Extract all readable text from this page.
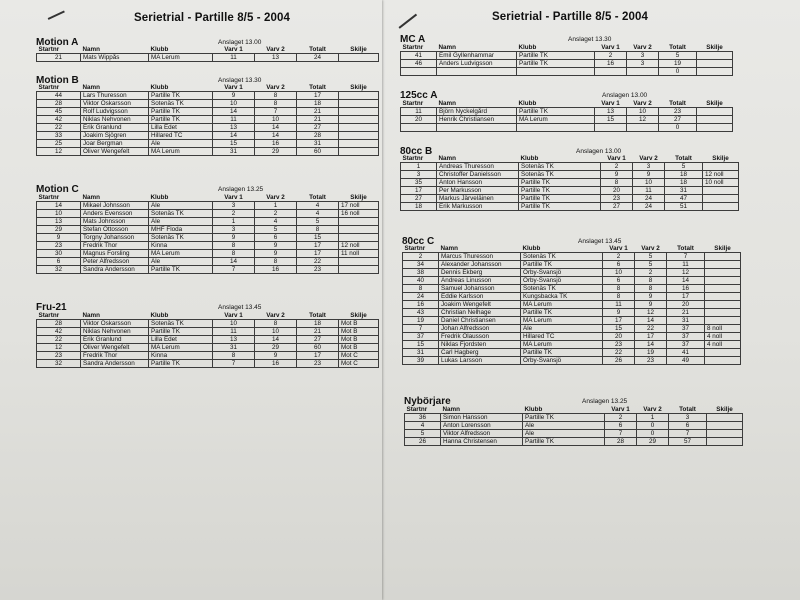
Serietrial - Partille 8/5 - 2004
Motion A	Anslaget 13.00
Startnr	Namn	Klubb	Varv 1	Varv 2	Totalt	Skilje
21	Mats Wippås	MA Lerum	11	13	24	
Motion B	Anslaget 13.30
Startnr	Namn	Klubb	Varv 1	Varv 2	Totalt	Skilje
44	Lars Thuresson	Partille TK	9	8	17	
28	Viktor Oskarsson	Sotenäs TK	10	8	18	
45	Rolf Ludvigsson	Partille TK	14	7	21	
42	Niklas Nehvonen	Partille TK	11	10	21	
22	Erik Granlund	Lilla Edet	13	14	27	
33	Joakim Sjögren	Hillared TC	14	14	28	
25	Joar Bergman	Ale	15	16	31	
12	Oliver Wengefelt	MA Lerum	31	29	60	
Motion C	Anslagen 13.25
Startnr	Namn	Klubb	Varv 1	Varv 2	Totalt	Skilje
14	Mikael Johnsson	Ale	3	1	4	17 noll
10	Anders Evensson	Sotenäs TK	2	2	4	16 noll
13	Mats Johnsson	Ale	1	4	5	
29	Stefan Ottosson	MHF Floda	3	5	8	
9	Torgny Johansson	Sotenäs TK	9	6	15	
23	Fredrik Thor	Kinna	8	9	17	12 noll
30	Magnus Forsling	MA Lerum	8	9	17	11 noll
6	Peter Alfredsson	Ale	14	8	22	
32	Sandra Andersson	Partille TK	7	16	23	
Fru-21	Anslaget 13.45
Startnr	Namn	Klubb	Varv 1	Varv 2	Totalt	Skilje
28	Viktor Oskarsson	Sotenäs TK	10	8	18	Mot B
42	Niklas Nehvonen	Partille TK	11	10	21	Mot B
22	Erik Granlund	Lilla Edet	13	14	27	Mot B
12	Oliver Wengefelt	MA Lerum	31	29	60	Mot B
23	Fredrik Thor	Kinna	8	9	17	Mot C
32	Sandra Andersson	Partille TK	7	16	23	Mot C
Serietrial - Partille 8/5 - 2004
MC A	Anslaget 13.30
Startnr	Namn	Klubb	Varv 1	Varv 2	Totalt	Skilje
41	Emil Gyllenhammar	Partille TK	2	3	5	
46	Anders Ludvigsson	Partille TK	16	3	19	
					0	
125cc A	Anslagen 13.00
Startnr	Namn	Klubb	Varv 1	Varv 2	Totalt	Skilje
11	Björn Nyckelgård	Partille TK	13	10	23	
20	Henrik Christiansen	MA Lerum	15	12	27	
					0	
80cc B	Anslagen 13.00
Startnr	Namn	Klubb	Varv 1	Varv 2	Totalt	Skilje
1	Andreas Thuresson	Sotenäs TK	2	3	5	
3	Christoffer Danielsson	Sotenäs TK	9	9	18	12 noll
35	Anton Hansson	Partille TK	8	10	18	10 noll
17	Per Markusson	Partille TK	20	11	31	
27	Markus Järveläinen	Partille TK	23	24	47	
18	Erik Markusson	Partille TK	27	24	51	
80cc C	Anslaget 13.45
Startnr	Namn	Klubb	Varv 1	Varv 2	Totalt	Skilje
2	Marcus Thuresson	Sotenäs TK	2	5	7	
34	Alexander Johansson	Partille TK	6	5	11	
38	Dennis Ekberg	Örby-Svansjö	10	2	12	
40	Andreas Linusson	Örby-Svansjö	6	8	14	
8	Samuel Johansson	Sotenäs TK	8	8	16	
24	Eddie Karlsson	Kungsbacka TK	8	9	17	
16	Joakim Wengefelt	MA Lerum	11	9	20	
43	Christian Nelhage	Partille TK	9	12	21	
19	Daniel Christiansen	MA Lerum	17	14	31	
7	Johan Alfredsson	Ale	15	22	37	8 noll
37	Fredrik Olausson	Hillared TC	20	17	37	4 noll
15	Niklas Fjordsten	MA Lerum	23	14	37	4 noll
31	Carl Hagberg	Partille TK	22	19	41	
39	Lukas Larsson	Örby-Svansjö	26	23	49	
Nybörjare	Anslagen 13.25
Startnr	Namn	Klubb	Varv 1	Varv 2	Totalt	Skilje
36	Simon Hansson	Partille TK	2	1	3	
4	Anton Lorensson	Ale	6	0	6	
5	Viktor Alfredsson	Ale	7	0	7	
26	Hanna Christensen	Partille TK	28	29	57	
